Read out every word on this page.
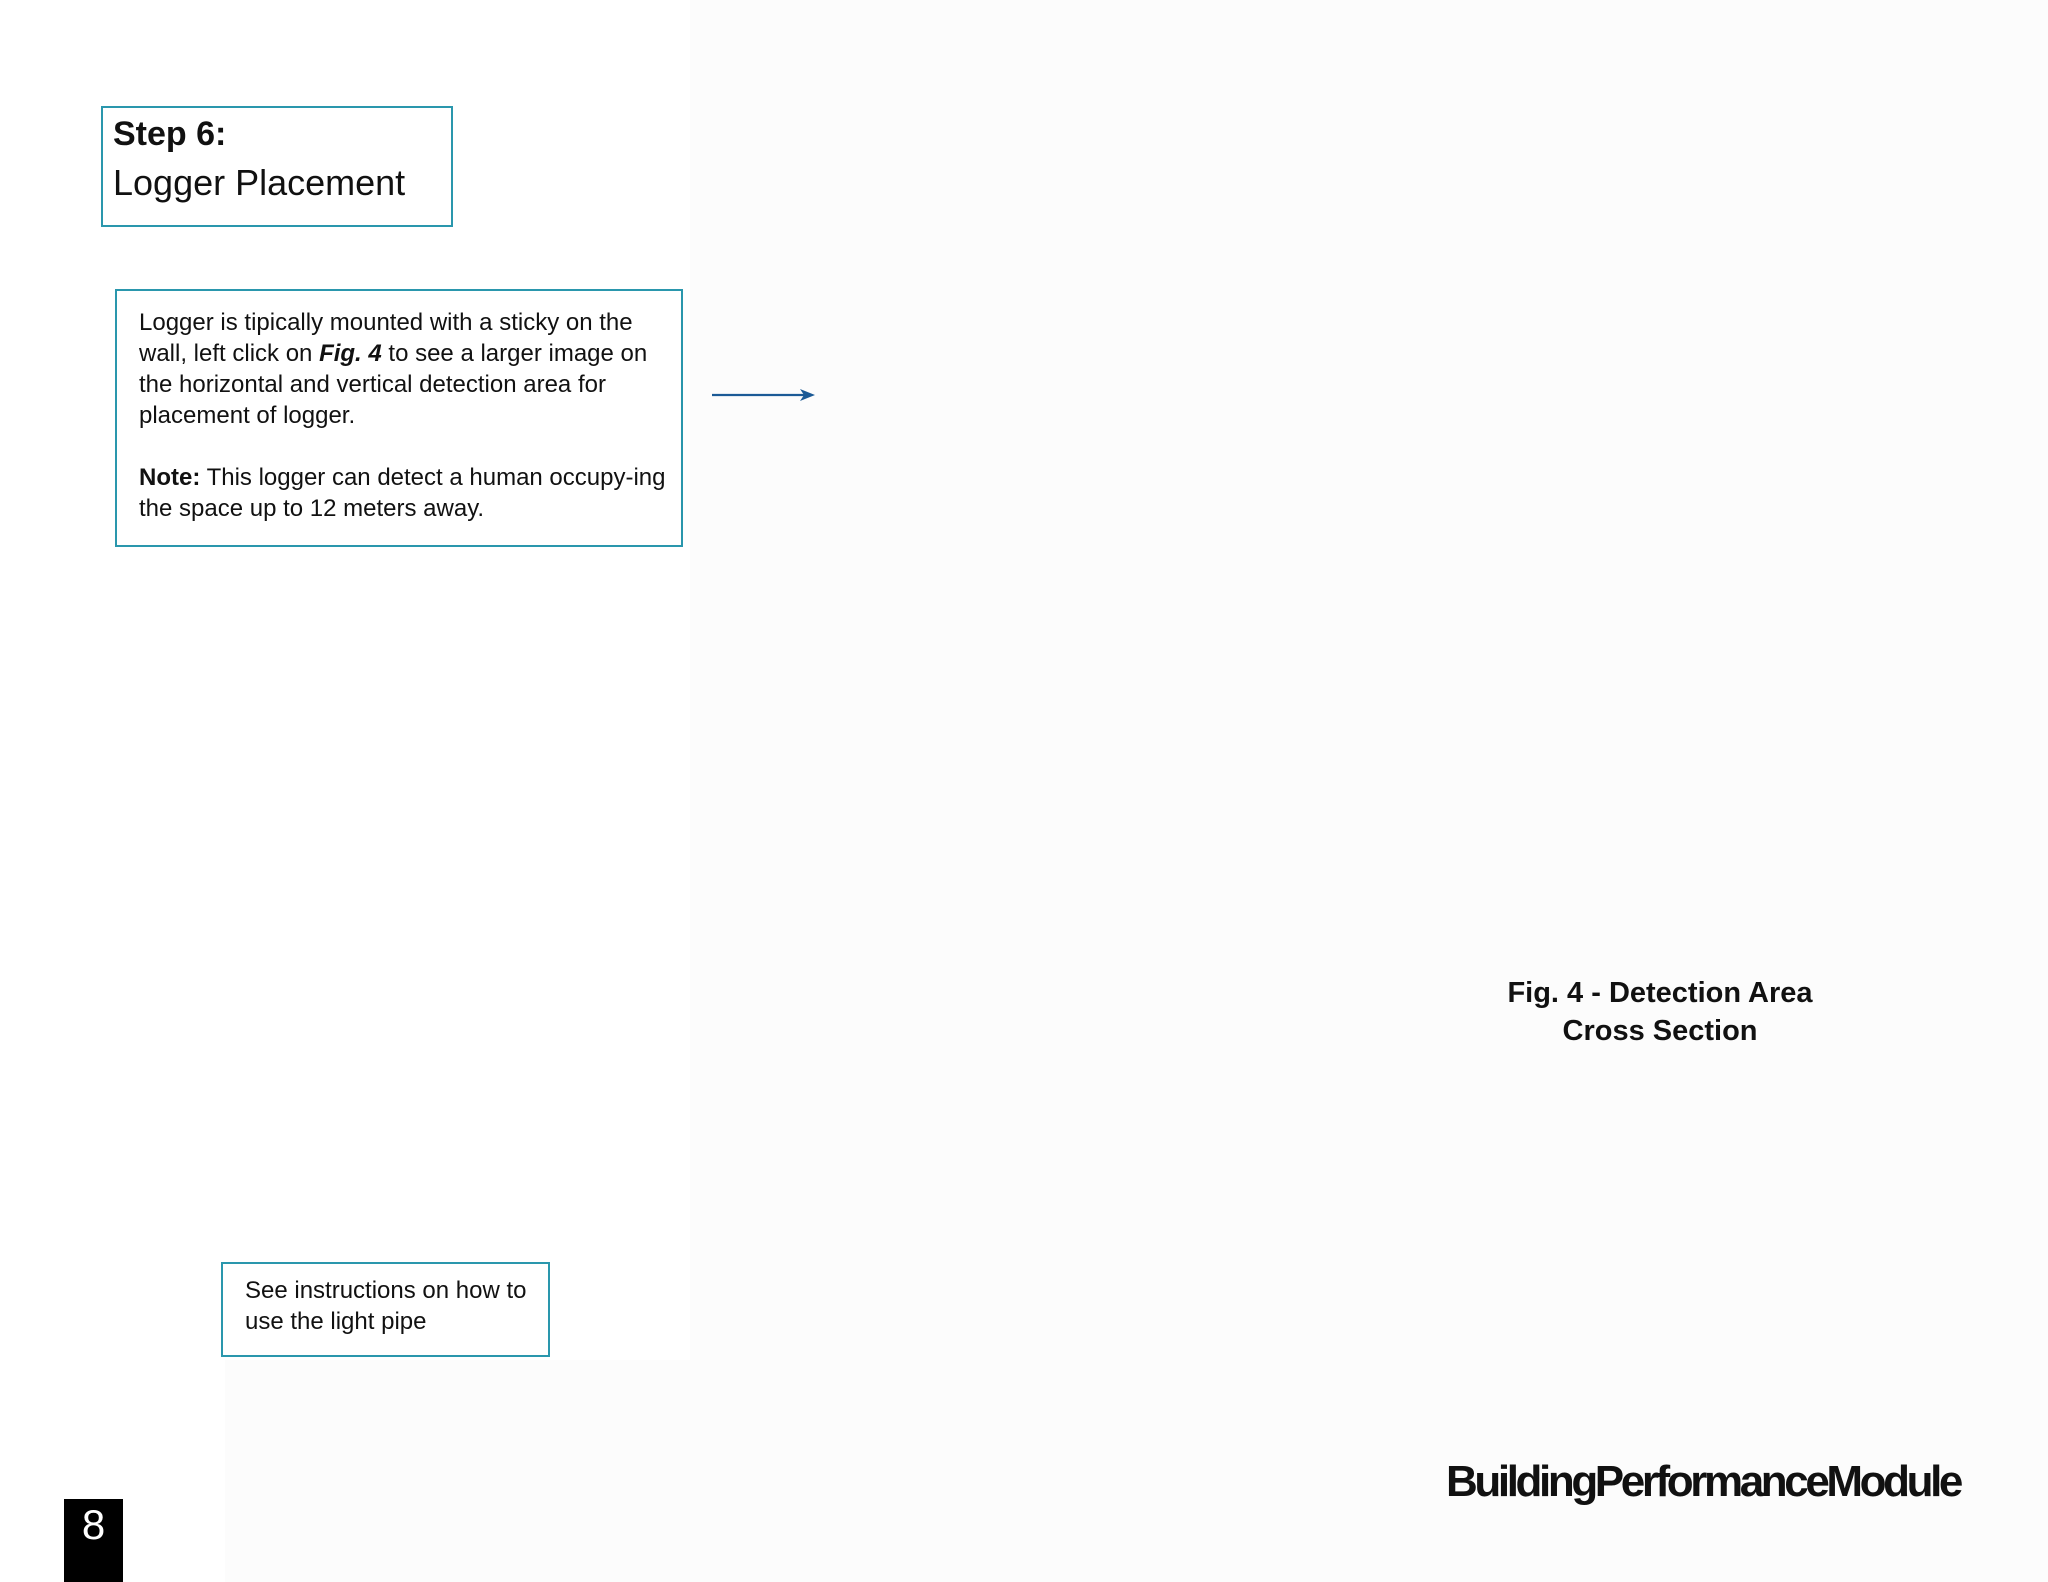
Step 6:
Logger Placement

Logger is tipically mounted with a sticky on the wall, left click on Fig. 4 to see a larger image on the horizontal and vertical detection area for placement of logger.

Note: This logger can detect a human occupy-ing the space up to 12 meters away.

Fig. 4 - Detection Area
Cross Section
See instructions on how to use the light pipe
BuildingPerformanceModule
8
